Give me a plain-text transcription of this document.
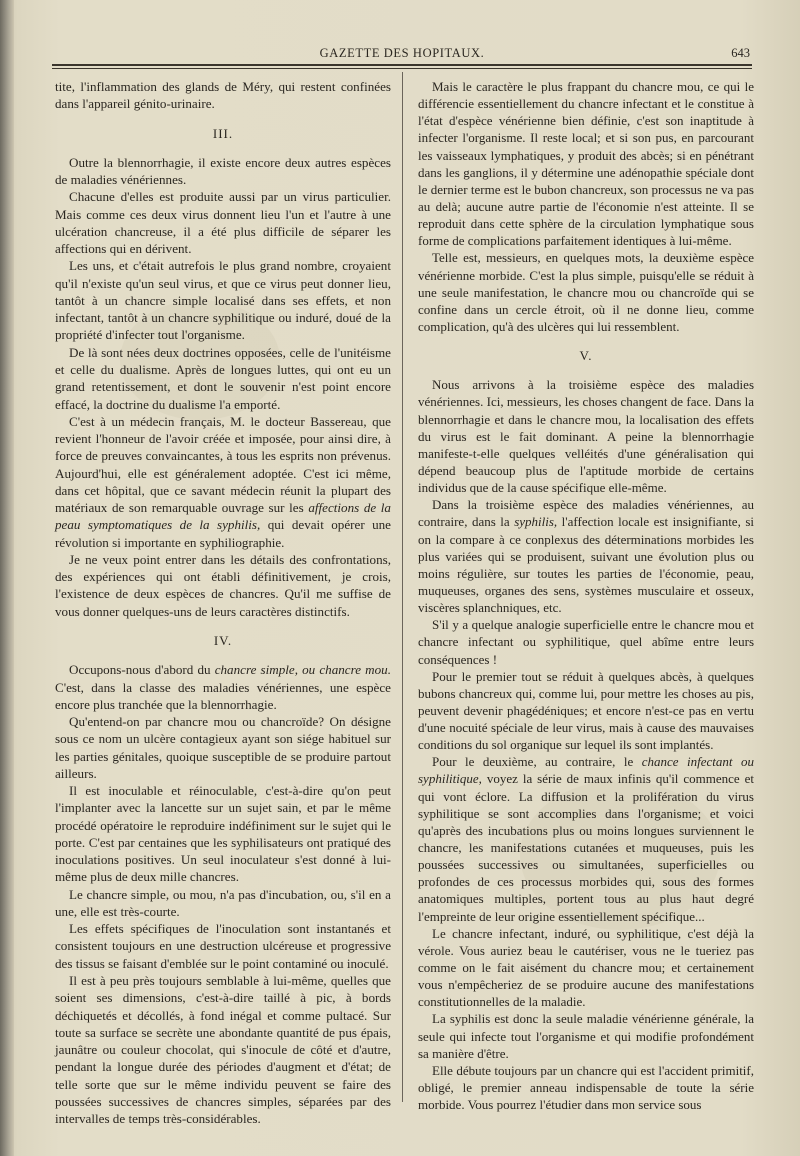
GAZETTE DES HOPITAUX.	643

tite, l'inflammation des glands de Méry, qui restent confinées dans l'appareil génito-urinaire.

III.

Outre la blennorrhagie, il existe encore deux autres espèces de maladies vénériennes.

Chacune d'elles est produite aussi par un virus particulier. Mais comme ces deux virus donnent lieu l'un et l'autre à une ulcération chancreuse, il a été plus difficile de séparer les affections qui en dérivent.

Les uns, et c'était autrefois le plus grand nombre, croyaient qu'il n'existe qu'un seul virus, et que ce virus peut donner lieu, tantôt à un chancre simple localisé dans ses effets, et non infectant, tantôt à un chancre syphilitique ou induré, doué de la propriété d'infecter tout l'organisme.

De là sont nées deux doctrines opposées, celle de l'unitéisme et celle du dualisme. Après de longues luttes, qui ont eu un grand retentissement, et dont le souvenir n'est point encore effacé, la doctrine du dualisme l'a emporté.

C'est à un médecin français, M. le docteur Bassereau, que revient l'honneur de l'avoir créée et imposée, pour ainsi dire, à force de preuves convaincantes, à tous les esprits non prévenus. Aujourd'hui, elle est généralement adoptée. C'est ici même, dans cet hôpital, que ce savant médecin réunit la plupart des matériaux de son remarquable ouvrage sur les affections de la peau symptomatiques de la syphilis, qui devait opérer une révolution si importante en syphiliographie.

Je ne veux point entrer dans les détails des confrontations, des expériences qui ont établi définitivement, je crois, l'existence de deux espèces de chancres. Qu'il me suffise de vous donner quelques-uns de leurs caractères distinctifs.

IV.

Occupons-nous d'abord du chancre simple, ou chancre mou. C'est, dans la classe des maladies vénériennes, une espèce encore plus tranchée que la blennorrhagie.

Qu'entend-on par chancre mou ou chancroïde? On désigne sous ce nom un ulcère contagieux ayant son siége habituel sur les parties génitales, quoique susceptible de se produire partout ailleurs.

Il est inoculable et réinoculable, c'est-à-dire qu'on peut l'implanter avec la lancette sur un sujet sain, et par le même procédé opératoire le reproduire indéfiniment sur le sujet qui le porte. C'est par centaines que les syphilisateurs ont pratiqué des inoculations positives. Un seul inoculateur s'est donné à lui-même plus de deux mille chancres.

Le chancre simple, ou mou, n'a pas d'incubation, ou, s'il en a une, elle est très-courte.

Les effets spécifiques de l'inoculation sont instantanés et consistent toujours en une destruction ulcéreuse et progressive des tissus se faisant d'emblée sur le point contaminé ou inoculé.

Il est à peu près toujours semblable à lui-même, quelles que soient ses dimensions, c'est-à-dire taillé à pic, à bords déchiquetés et décollés, à fond inégal et comme pultacé. Sur toute sa surface se secrète une abondante quantité de pus épais, jaunâtre ou couleur chocolat, qui s'inocule de côté et d'autre, pendant la longue durée des périodes d'augment et d'état; de telle sorte que sur le même individu peuvent se faire des poussées successives de chancres simples, séparées par des intervalles de temps très-considérables.

Mais le caractère le plus frappant du chancre mou, ce qui le différencie essentiellement du chancre infectant et le constitue à l'état d'espèce vénérienne bien définie, c'est son inaptitude à infecter l'organisme. Il reste local; et si son pus, en parcourant les vaisseaux lymphatiques, y produit des abcès; si en pénétrant dans les ganglions, il y détermine une adénopathie spéciale dont le dernier terme est le bubon chancreux, son processus ne va pas au delà; aucune autre partie de l'économie n'est atteinte. Il se reproduit dans cette sphère de la circulation lymphatique sous forme de complications parfaitement identiques à lui-même.

Telle est, messieurs, en quelques mots, la deuxième espèce vénérienne morbide. C'est la plus simple, puisqu'elle se réduit à une seule manifestation, le chancre mou ou chancroïde qui se confine dans un cercle étroit, où il ne donne lieu, comme complication, qu'à des ulcères qui lui ressemblent.

V.

Nous arrivons à la troisième espèce des maladies vénériennes. Ici, messieurs, les choses changent de face. Dans la blennorrhagie et dans le chancre mou, la localisation des effets du virus est le fait dominant. A peine la blennorrhagie manifeste-t-elle quelques velléités d'une généralisation qui dépend beaucoup plus de l'aptitude morbide de certains individus que de la cause spécifique elle-même.

Dans la troisième espèce des maladies vénériennes, au contraire, dans la syphilis, l'affection locale est insignifiante, si on la compare à ce conplexus des déterminations morbides les plus variées qui se produisent, suivant une évolution plus ou moins régulière, sur toutes les parties de l'économie, peau, muqueuses, organes des sens, systèmes musculaire et osseux, viscères splanchniques, etc.

S'il y a quelque analogie superficielle entre le chancre mou et chancre infectant ou syphilitique, quel abîme entre leurs conséquences !

Pour le premier tout se réduit à quelques abcès, à quelques bubons chancreux qui, comme lui, pour mettre les choses au pis, peuvent devenir phagédéniques; et encore n'est-ce pas en vertu d'une nocuité spéciale de leur virus, mais à cause des mauvaises conditions du sol organique sur lequel ils sont implantés.

Pour le deuxième, au contraire, le chance infectant ou syphilitique, voyez la série de maux infinis qu'il commence et qui vont éclore. La diffusion et la prolifération du virus syphilitique se sont accomplies dans l'organisme; et voici qu'après des incubations plus ou moins longues surviennent le chancre, les manifestations cutanées et muqueuses, puis les poussées successives ou simultanées, superficielles ou profondes de ces processus morbides qui, sous des formes anatomiques multiples, portent tous au plus haut degré l'empreinte de leur origine essentiellement spécifique...

Le chancre infectant, induré, ou syphilitique, c'est déjà la vérole. Vous auriez beau le cautériser, vous ne le tueriez pas comme on le fait aisément du chancre mou; et certainement vous n'empêcheriez de se produire aucune des manifestations constitutionnelles de la maladie.

La syphilis est donc la seule maladie vénérienne générale, la seule qui infecte tout l'organisme et qui modifie profondément sa manière d'être.

Elle débute toujours par un chancre qui est l'accident primitif, obligé, le premier anneau indispensable de toute la série morbide. Vous pourrez l'étudier dans mon service sous
